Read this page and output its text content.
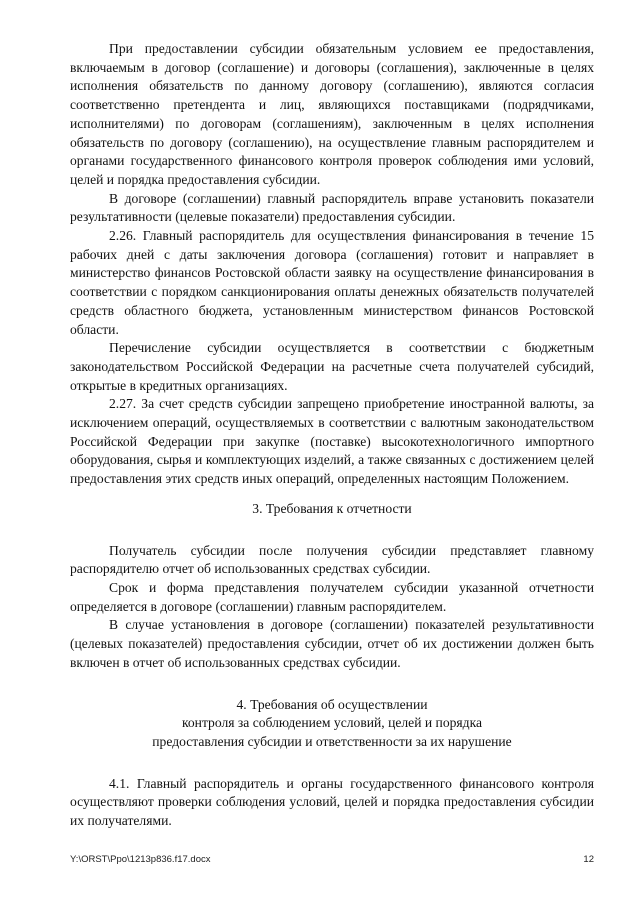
При предоставлении субсидии обязательным условием ее предоставления, включаемым в договор (соглашение) и договоры (соглашения), заключенные в целях исполнения обязательств по данному договору (соглашению), являются согласия соответственно претендента и лиц, являющихся поставщиками (подрядчиками, исполнителями) по договорам (соглашениям), заключенным в целях исполнения обязательств по договору (соглашению), на осуществление главным распорядителем и органами государственного финансового контроля проверок соблюдения ими условий, целей и порядка предоставления субсидии.

В договоре (соглашении) главный распорядитель вправе установить показатели результативности (целевые показатели) предоставления субсидии.

2.26. Главный распорядитель для осуществления финансирования в течение 15 рабочих дней с даты заключения договора (соглашения) готовит и направляет в министерство финансов Ростовской области заявку на осуществление финансирования в соответствии с порядком санкционирования оплаты денежных обязательств получателей средств областного бюджета, установленным министерством финансов Ростовской области.

Перечисление субсидии осуществляется в соответствии с бюджетным законодательством Российской Федерации на расчетные счета получателей субсидий, открытые в кредитных организациях.

2.27. За счет средств субсидии запрещено приобретение иностранной валюты, за исключением операций, осуществляемых в соответствии с валютным законодательством Российской Федерации при закупке (поставке) высокотехнологичного импортного оборудования, сырья и комплектующих изделий, а также связанных с достижением целей предоставления этих средств иных операций, определенных настоящим Положением.

3. Требования к отчетности

Получатель субсидии после получения субсидии представляет главному распорядителю отчет об использованных средствах субсидии.

Срок и форма представления получателем субсидии указанной отчетности определяется в договоре (соглашении) главным распорядителем.

В случае установления в договоре (соглашении) показателей результативности (целевых показателей) предоставления субсидии, отчет об их достижении должен быть включен в отчет об использованных средствах субсидии.

4. Требования об осуществлении

контроля за соблюдением условий, целей и порядка

предоставления субсидии и ответственности за их нарушение

4.1. Главный распорядитель и органы государственного финансового контроля осуществляют проверки соблюдения условий, целей и порядка предоставления субсидии их получателями.

Y:\ORST\Ppo\1213p836.f17.docx	12
